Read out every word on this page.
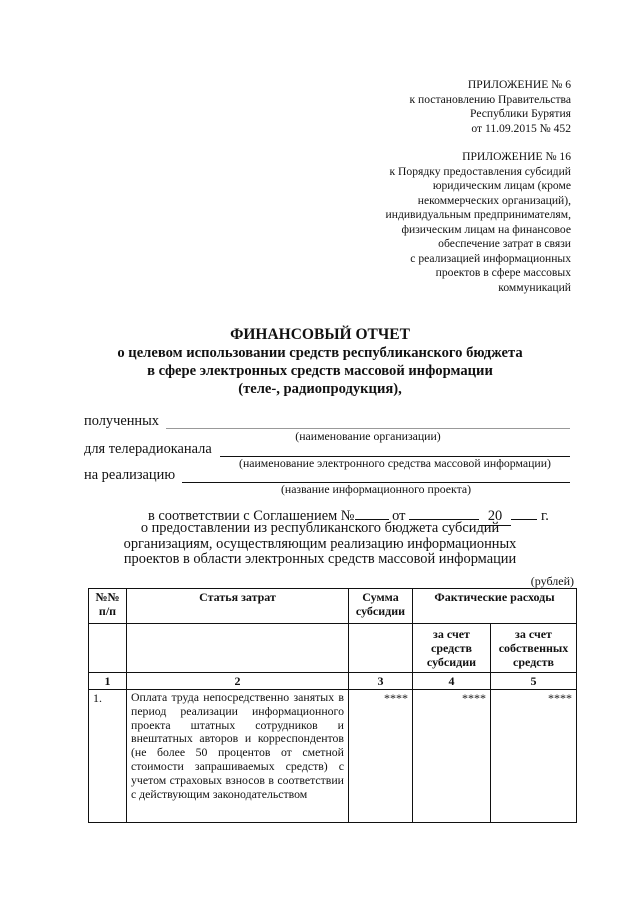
ПРИЛОЖЕНИЕ № 6
к постановлению Правительства
Республики Бурятия
от 11.09.2015 № 452
ПРИЛОЖЕНИЕ № 16
к Порядку предоставления субсидий
юридическим лицам (кроме
некоммерческих организаций),
индивидуальным предпринимателям,
физическим лицам на финансовое
обеспечение затрат в связи
с реализацией информационных
проектов в сфере массовых
коммуникаций
ФИНАНСОВЫЙ ОТЧЕТ
о целевом использовании средств республиканского бюджета
в сфере электронных средств массовой информации
(теле-, радиопродукция),
полученных
(наименование организации)
для телерадиоканала
(наименование электронного средства массовой информации)
на реализацию
(название информационного проекта)
в соответствии с Соглашением №	от	20	г.
о предоставлении из республиканского бюджета субсидий
организациям, осуществляющим реализацию информационных
проектов в области электронных средств массовой информации
(рублей)
№№ п/п	Статья затрат	Сумма субсидии	Фактические расходы	
			за счет средств субсидии	за счет собственных средств
1	2	3	4	5
1.	Оплата труда непосредственно занятых в период реализации информационного проекта штатных сотрудников и внештатных авторов и корреспондентов (не более 50 процентов от сметной стоимости запрашиваемых средств) с учетом страховых взносов в соответствии с действующим законодательством	****	****	****
